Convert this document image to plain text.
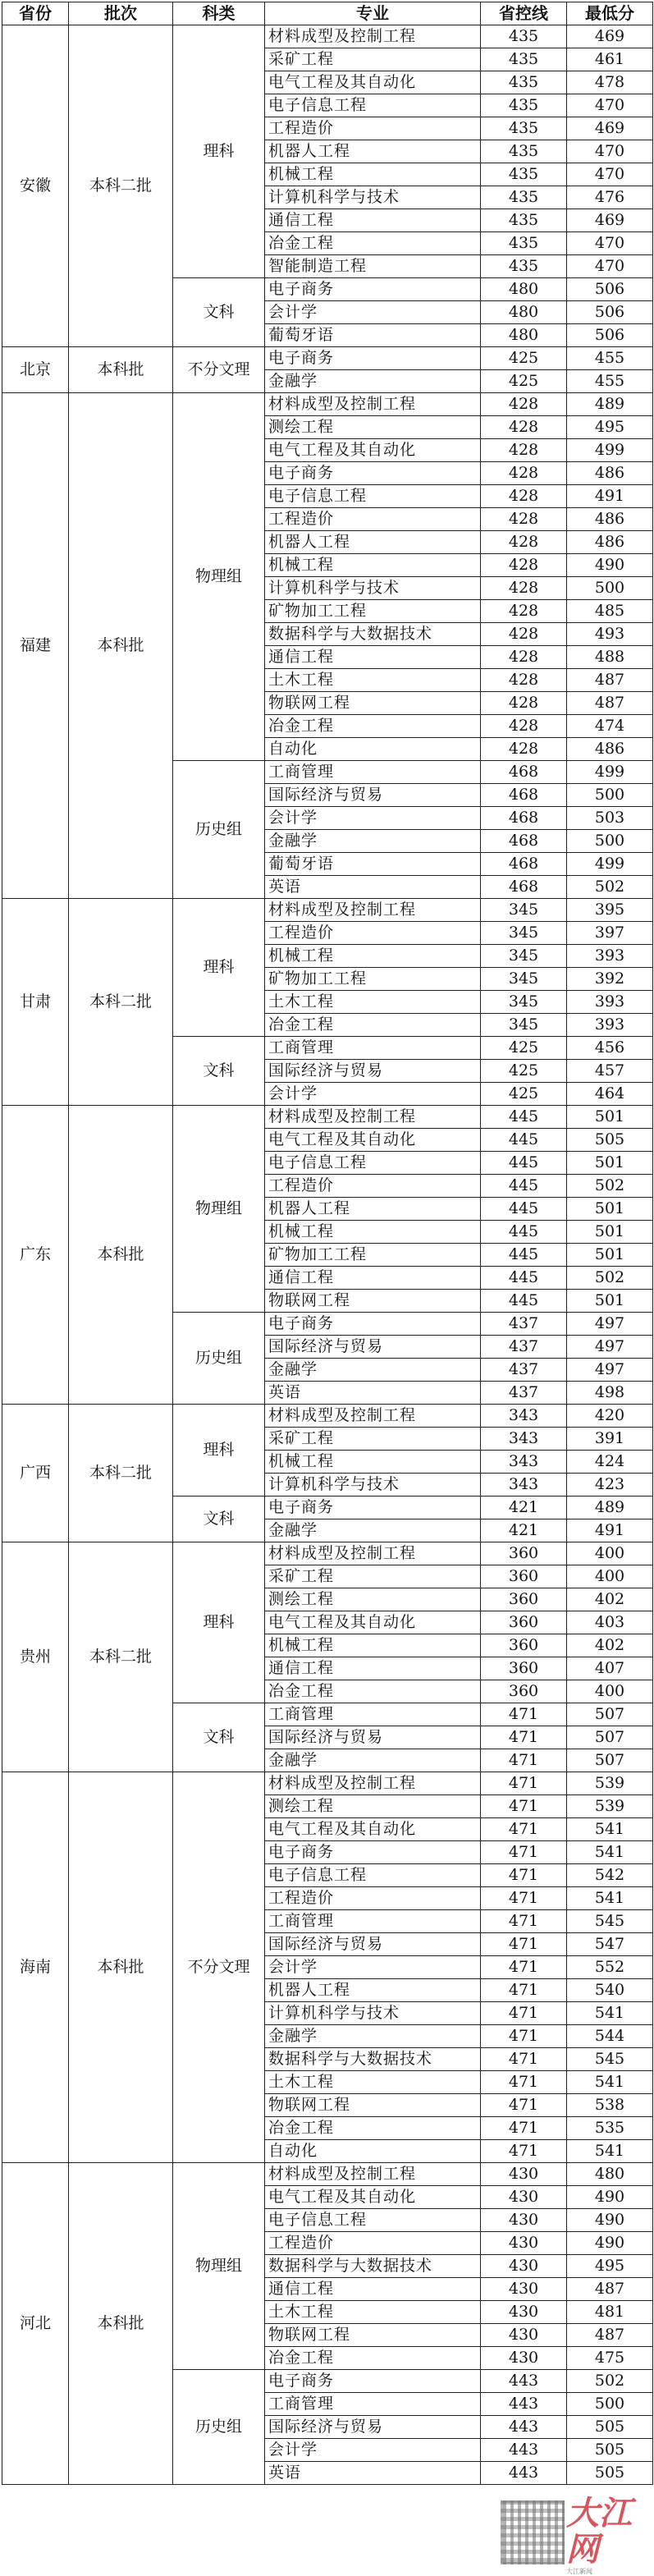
省份	批次	科类	专业	省控线	最低分
安徽	本科二批	理科	材料成型及控制工程	435	469
			采矿工程	435	461
			电气工程及其自动化	435	478
			电子信息工程	435	470
			工程造价	435	469
			机器人工程	435	470
			机械工程	435	470
			计算机科学与技术	435	476
			通信工程	435	469
			冶金工程	435	470
			智能制造工程	435	470
		文科	电子商务	480	506
			会计学	480	506
			葡萄牙语	480	506
北京	本科批	不分文理	电子商务	425	455
			金融学	425	455
福建	本科批	物理组	材料成型及控制工程	428	489
			测绘工程	428	495
			电气工程及其自动化	428	499
			电子商务	428	486
			电子信息工程	428	491
			工程造价	428	486
			机器人工程	428	486
			机械工程	428	490
			计算机科学与技术	428	500
			矿物加工工程	428	485
			数据科学与大数据技术	428	493
			通信工程	428	488
			土木工程	428	487
			物联网工程	428	487
			冶金工程	428	474
			自动化	428	486
		历史组	工商管理	468	499
			国际经济与贸易	468	500
			会计学	468	503
			金融学	468	500
			葡萄牙语	468	499
			英语	468	502
甘肃	本科二批	理科	材料成型及控制工程	345	395
			工程造价	345	397
			机械工程	345	393
			矿物加工工程	345	392
			土木工程	345	393
			冶金工程	345	393
		文科	工商管理	425	456
			国际经济与贸易	425	457
			会计学	425	464
广东	本科批	物理组	材料成型及控制工程	445	501
			电气工程及其自动化	445	505
			电子信息工程	445	501
			工程造价	445	502
			机器人工程	445	501
			机械工程	445	501
			矿物加工工程	445	501
			通信工程	445	502
			物联网工程	445	501
		历史组	电子商务	437	497
			国际经济与贸易	437	497
			金融学	437	497
			英语	437	498
广西	本科二批	理科	材料成型及控制工程	343	420
			采矿工程	343	391
			机械工程	343	424
			计算机科学与技术	343	423
		文科	电子商务	421	489
			金融学	421	491
贵州	本科二批	理科	材料成型及控制工程	360	400
			采矿工程	360	400
			测绘工程	360	402
			电气工程及其自动化	360	403
			机械工程	360	402
			通信工程	360	407
			冶金工程	360	400
		文科	工商管理	471	507
			国际经济与贸易	471	507
			金融学	471	507
海南	本科批	不分文理	材料成型及控制工程	471	539
			测绘工程	471	539
			电气工程及其自动化	471	541
			电子商务	471	541
			电子信息工程	471	542
			工程造价	471	541
			工商管理	471	545
			国际经济与贸易	471	547
			会计学	471	552
			机器人工程	471	540
			计算机科学与技术	471	541
			金融学	471	544
			数据科学与大数据技术	471	545
			土木工程	471	541
			物联网工程	471	538
			冶金工程	471	535
			自动化	471	541
河北	本科批	物理组	材料成型及控制工程	430	480
			电气工程及其自动化	430	490
			电子信息工程	430	490
			工程造价	430	490
			数据科学与大数据技术	430	495
			通信工程	430	487
			土木工程	430	481
			物联网工程	430	487
			冶金工程	430	475
		历史组	电子商务	443	502
			工商管理	443	500
			国际经济与贸易	443	505
			会计学	443	505
			英语	443	505
大江网
大江新闻
